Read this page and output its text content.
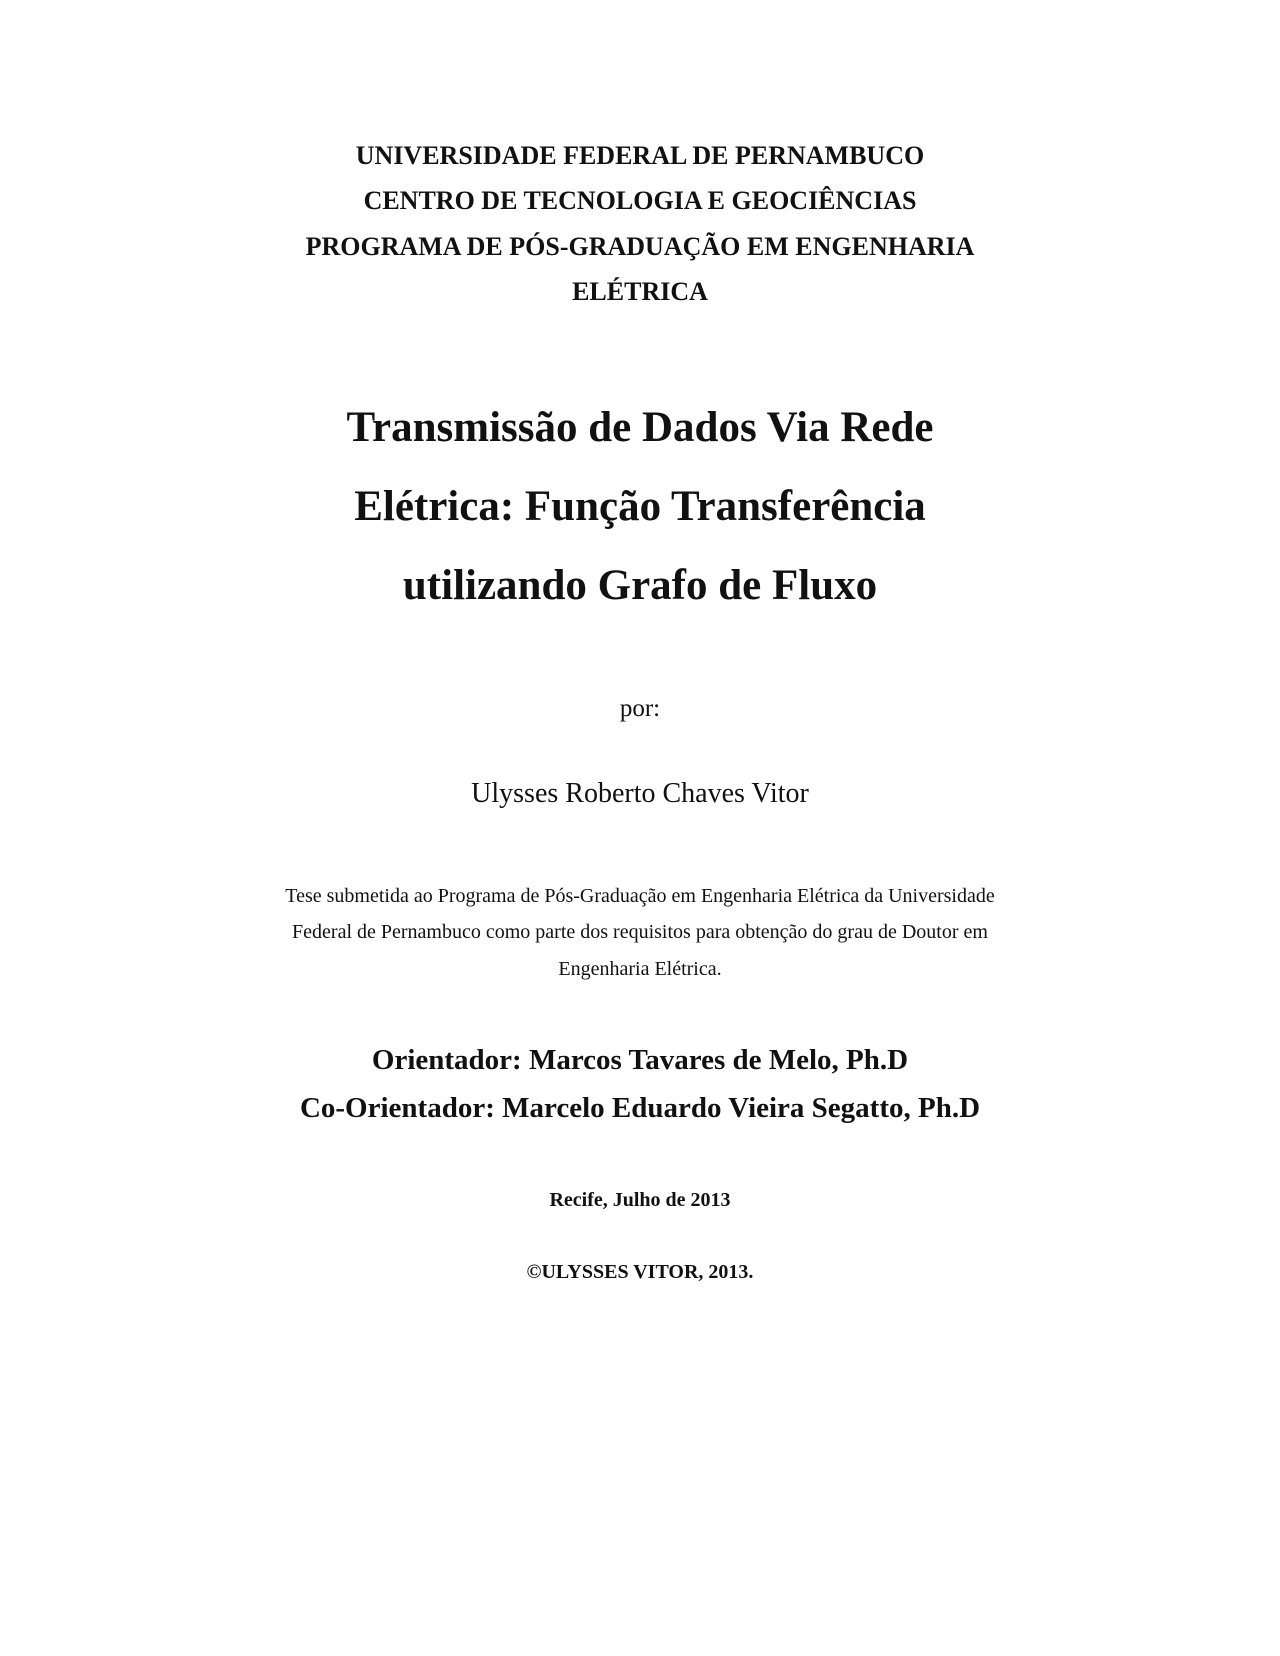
UNIVERSIDADE FEDERAL DE PERNAMBUCO

CENTRO DE TECNOLOGIA E GEOCIÊNCIAS

PROGRAMA DE PÓS-GRADUAÇÃO EM ENGENHARIA

ELÉTRICA

Transmissão de Dados Via Rede
Elétrica: Função Transferência
utilizando Grafo de Fluxo

por:

Ulysses Roberto Chaves Vitor

Tese submetida ao Programa de Pós-Graduação em Engenharia Elétrica da Universidade

Federal de Pernambuco como parte dos requisitos para obtenção do grau de Doutor em

Engenharia Elétrica.

Orientador: Marcos Tavares de Melo, Ph.D

Co-Orientador: Marcelo Eduardo Vieira Segatto, Ph.D

Recife, Julho de 2013

©ULYSSES VITOR, 2013.
